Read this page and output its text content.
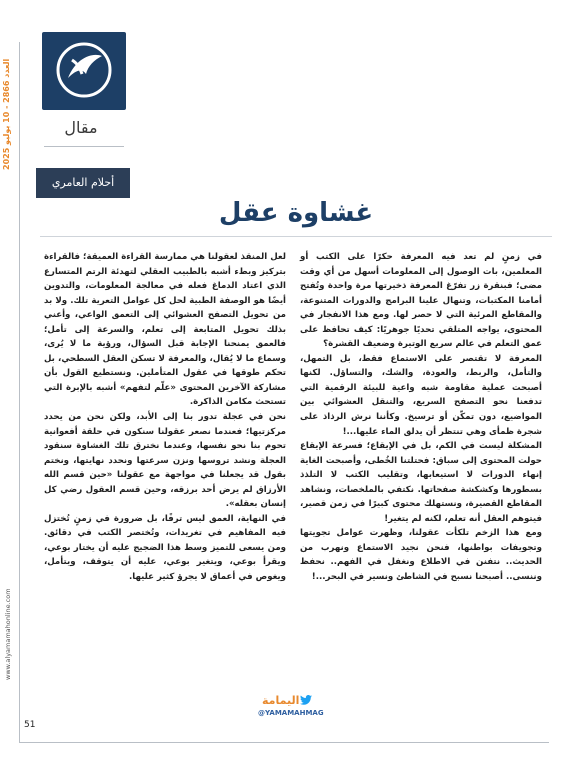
العدد 2866 - 10 يوليو 2025
www.alyamamahonline.com
51
مقال
أحلام العامري
غشاوة عقل

في زمنٍ لم تعد فيه المعرفة حكرًا على الكتب أو المعلمين، بات الوصول إلى المعلومات أسهل من أي وقت مضى؛ فبنقرة زر تفرّغ المعرفة ذخيرتها مرة واحدة وتُفتح أمامنا المكتبات، وتنهال علينا البرامج والدورات المتنوعة، والمقاطع المرئية التي لا حصر لها. ومع هذا الانفجار في المحتوى، يواجه المتلقي تحديًا جوهريًا: كيف تحافظ على عمق التعلم في عالم سريع الوتيرة وضعيف القشرة؟

المعرفة لا تقتصر على الاستماع فقط، بل التمهل، والتأمل، والربط، والعودة، والشك، والتساؤل. لكنها أصبحت عملية مقاومة شبه واعية للبيئة الرقمية التي تدفعنا نحو التصفح السريع، والتنقل العشوائي بين المواضيع، دون تمكّن أو ترسيخ. وكأننا نرش الرذاذ على شجرة ظمأى وهي تنتظر أن يدلق الماء عليها...!

المشكلة ليست في الكم، بل في الإيقاع؛ فسرعة الإيقاع حولت المحتوى إلى سباق: فحتلتنا الخُطى، وأصبحت الغاية إنهاء الدورات لا استيعابها، وتقليب الكتب لا التلذذ بسطورها وكشكشة صفحاتها. نكتفي بالملخصات، ونشاهد المقاطع القصيرة، ونستهلك محتوى كبيرًا في زمن قصير، فيتوهم العقل أنه تعلم، لكنه لم يتغير!

ومع هذا الزخم تلكأت عقولنا، وظهرت عوامل تجويتها وتجويفات بواطنها، فنحن نجيد الاستماع ونهرب من الحديث.. نتفنن في الاطلاع ونغفل في الفهم.. نحفظ وننسى.. أصبحنا نسبح في الشاطئ ونسير في البحر...!

لعل المنقذ لعقولنا هي ممارسة القراءة العميقة؛ فالقراءة بتركيز وبطء أشبه بالطبيب العقلي لتهدئة الرتم المتسارع الذي اعتاد الدماغ فعله في معالجة المعلومات، والتدوين أيضًا هو الوصفة الطبية لحل كل عوامل التعرية تلك. ولا بد من تحويل التصفح العشوائي إلى التعمق الواعي، وأعني بذلك تحويل المتابعة إلى تعلم، والسرعة إلى تأمل؛ فالعمق يمنحنا الإجابة قبل السؤال، ورؤية ما لا يُرى، وسماع ما لا يُقال، والمعرفة لا تسكن العقل السطحي، بل تحكم طوقها في عقول المتأملين. ونستطيع القول بأن مشاركة الآخرين المحتوى «علّم لتفهم» أشبه بالإبرة التي تستحث مكامن الذاكرة.

نحن في عجلة تدور بنا إلى الأبد، ولكن نحن من يحدد مركزتيها؛ فعندما نصعر عقولنا سنكون في حلقة أفعوانية تحوم بنا نحو نفسها، وعندما نخترق تلك الغشاوة سنقود العجلة ونشد تروسها ونزن سرعتها ونحدد نهايتها، ونختم بقول قد يجعلنا في مواجهة مع عقولنا «حين قسم الله الأرزاق لم يرض أحد برزقه، وحين قسم العقول رضي كل إنسان بعقله».

في النهاية، العمق ليس ترفًا، بل ضرورة في زمنٍ تُختزل فيه المفاهيم في تغريدات، وتُختصر الكتب في دقائق. ومن يسعى للتميز وسط هذا الضجيج عليه أن يختار بوعي، ويقرأ بوعي، ويتغير بوعي، عليه أن يتوقف، ويتأمل، ويغوص في أعماق لا يجرؤ كثير عليها.

اليمامة
@YAMAMAHMAG
